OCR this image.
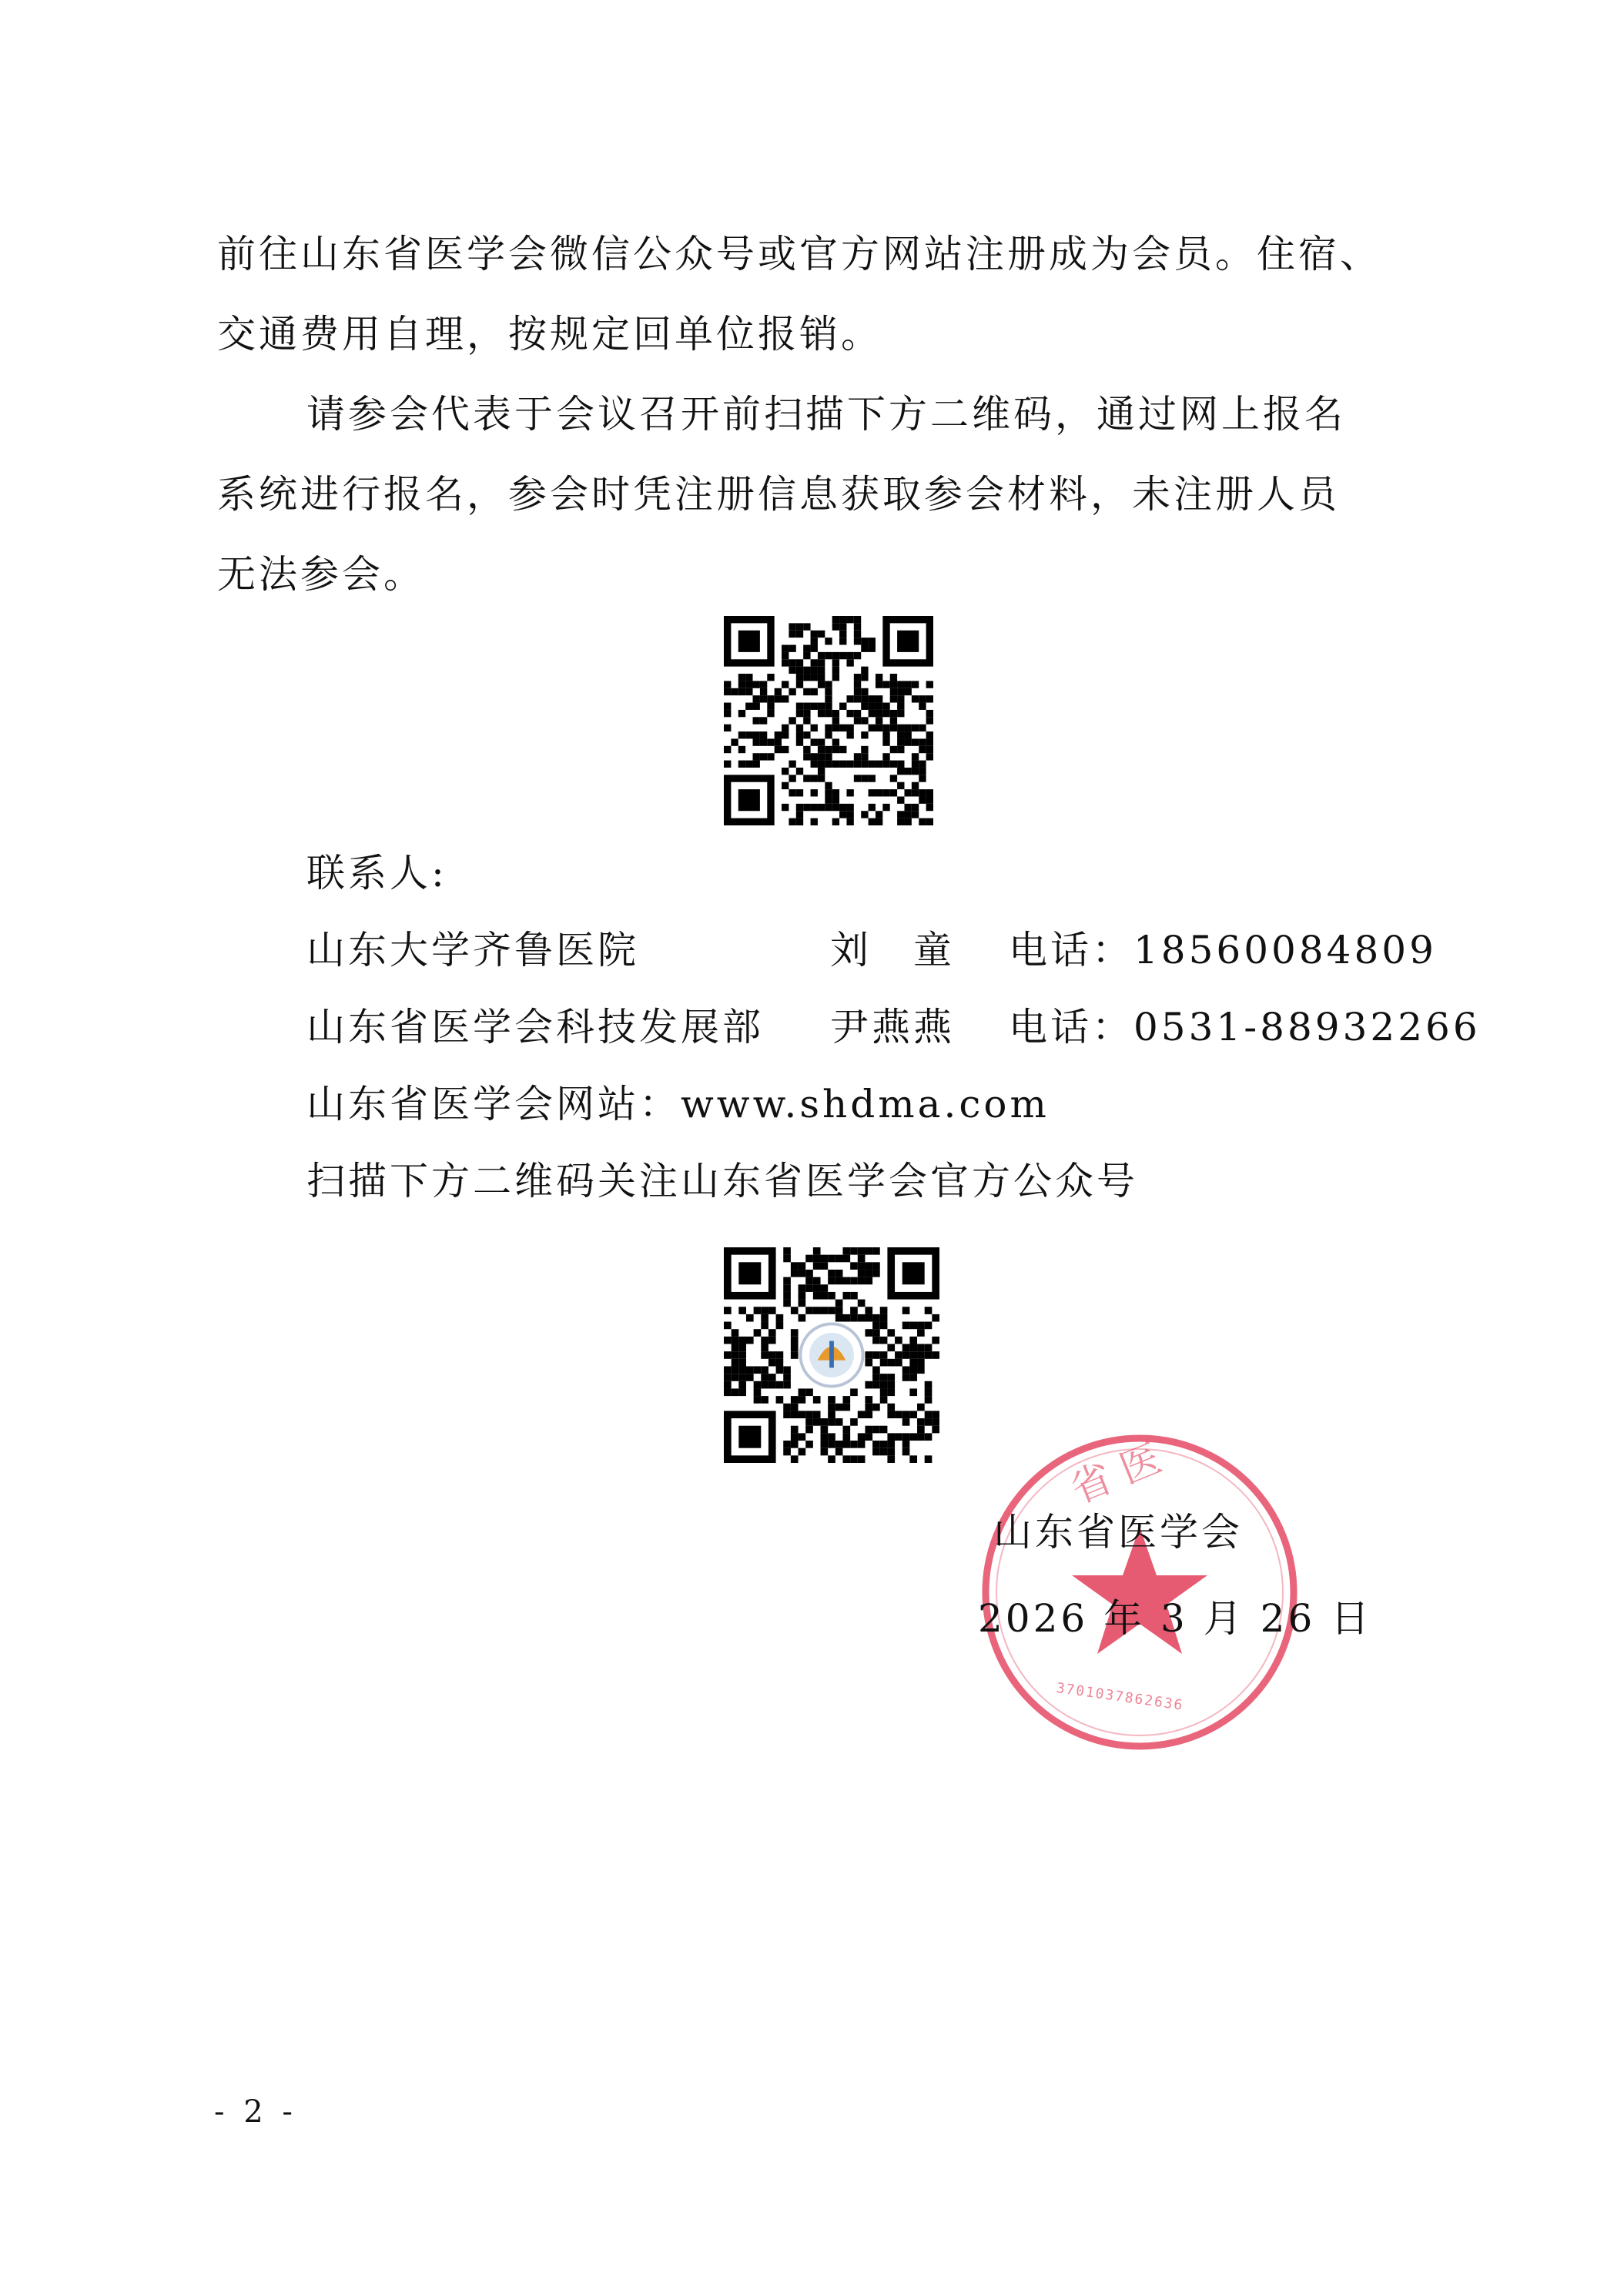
前往山东省医学会微信公众号或官方网站注册成为会员。住宿、
交通费用自理，按规定回单位报销。
请参会代表于会议召开前扫描下方二维码，通过网上报名
系统进行报名，参会时凭注册信息获取参会材料，未注册人员
无法参会。
联系人:
山东大学齐鲁医院	刘　童 电话：18560084809
山东省医学会科技发展部 尹燕燕 电话：0531-88932266
山东省医学会网站：www.shdma.com
扫描下方二维码关注山东省医学会官方公众号
省 医
3701037862636
山东省医学会
2026 年 3 月 26 日
- 2 -
